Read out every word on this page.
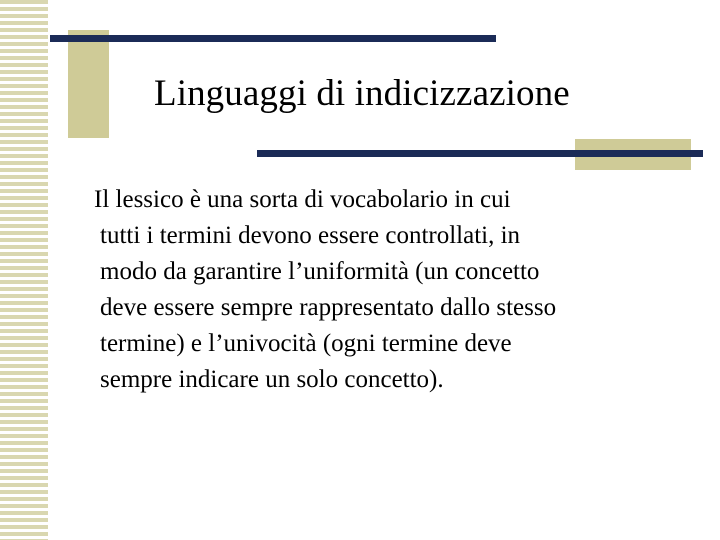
Linguaggi di indicizzazione

Il lessico è una sorta di vocabolario in cui
tutti i termini devono essere controllati, in
modo da garantire l’uniformità (un concetto
deve essere sempre rappresentato dallo stesso
termine) e l’univocità (ogni termine deve
sempre indicare un solo concetto).
